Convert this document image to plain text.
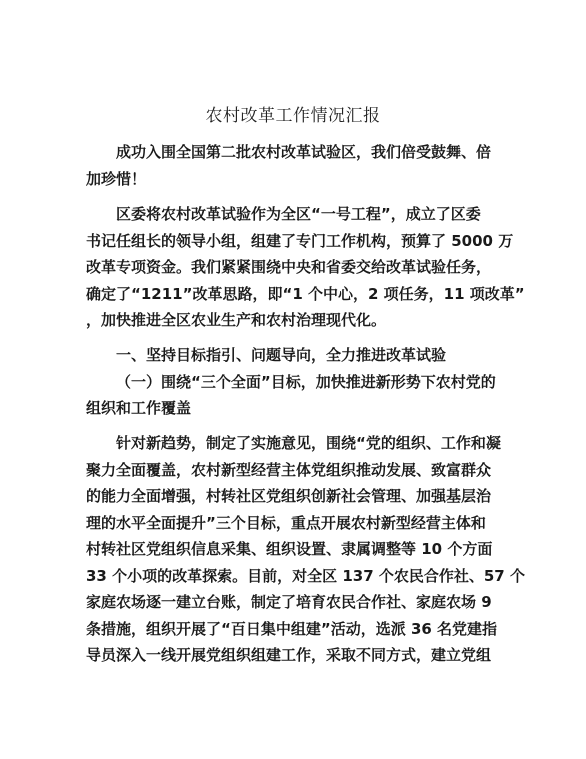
农村改革工作情况汇报
成功入围全国第二批农村改革试验区，我们倍受鼓舞、倍
加珍惜！
区委将农村改革试验作为全区“一号工程”，成立了区委
书记任组长的领导小组，组建了专门工作机构，预算了 5000 万
改革专项资金。我们紧紧围绕中央和省委交给改革试验任务，
确定了“1211”改革思路，即“1 个中心，2 项任务，11 项改革”
，加快推进全区农业生产和农村治理现代化。
一、坚持目标指引、问题导向，全力推进改革试验
（一）围绕“三个全面”目标，加快推进新形势下农村党的
组织和工作覆盖
针对新趋势，制定了实施意见，围绕“党的组织、工作和凝
聚力全面覆盖，农村新型经营主体党组织推动发展、致富群众
的能力全面增强，村转社区党组织创新社会管理、加强基层治
理的水平全面提升”三个目标，重点开展农村新型经营主体和
村转社区党组织信息采集、组织设置、隶属调整等 10 个方面
33 个小项的改革探索。目前，对全区 137 个农民合作社、57 个
家庭农场逐一建立台账，制定了培育农民合作社、家庭农场 9
条措施，组织开展了“百日集中组建”活动，选派 36 名党建指
导员深入一线开展党组织组建工作，采取不同方式，建立党组
